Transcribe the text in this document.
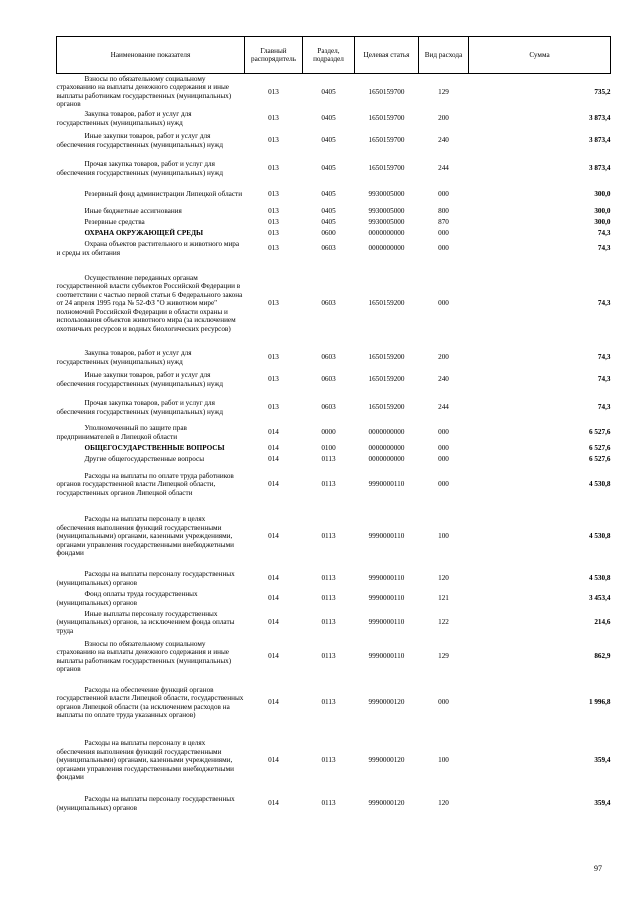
Наименование показателя	Главный распорядитель	Раздел, подраздел	Целевая статья	Вид расхода	Сумма

Взносы по обязательному социальному страхованию на выплаты денежного содержания и иные выплаты работникам государственных (муниципальных) органов	013	0405	1650159700	129	735,2

Закупка товаров, работ и услуг для государственных (муниципальных) нужд	013	0405	1650159700	200	3 873,4

Иные закупки товаров, работ и услуг для обеспечения государственных (муниципальных) нужд	013	0405	1650159700	240	3 873,4

Прочая закупка товаров, работ и услуг для обеспечения государственных (муниципальных) нужд	013	0405	1650159700	244	3 873,4

Резервный фонд администрации Липецкой области	013	0405	9930005000	000	300,0

Иные бюджетные ассигнования	013	0405	9930005000	800	300,0

Резервные средства	013	0405	9930005000	870	300,0

ОХРАНА ОКРУЖАЮЩЕЙ СРЕДЫ	013	0600	0000000000	000	74,3

Охрана объектов растительного и животного мира и среды их обитания	013	0603	0000000000	000	74,3

Осуществление переданных органам государственной власти субъектов Российской Федерации в соответствии с частью первой статьи 6 Федерального закона от 24 апреля 1995 года № 52-ФЗ "О животном мире" полномочий Российской Федерации в области охраны и использования объектов животного мира (за исключением охотничьих ресурсов и водных биологических ресурсов)	013	0603	1650159200	000	74,3

Закупка товаров, работ и услуг для государственных (муниципальных) нужд	013	0603	1650159200	200	74,3

Иные закупки товаров, работ и услуг для обеспечения государственных (муниципальных) нужд	013	0603	1650159200	240	74,3

Прочая закупка товаров, работ и услуг для обеспечения государственных (муниципальных) нужд	013	0603	1650159200	244	74,3

Уполномоченный по защите прав предпринимателей в Липецкой области	014	0000	0000000000	000	6 527,6

ОБЩЕГОСУДАРСТВЕННЫЕ ВОПРОСЫ	014	0100	0000000000	000	6 527,6

Другие общегосударственные вопросы	014	0113	0000000000	000	6 527,6

Расходы на выплаты по оплате труда работников органов государственной власти Липецкой области, государственных органов Липецкой области	014	0113	9990000110	000	4 530,8

Расходы на выплаты персоналу в целях обеспечения выполнения функций государственными (муниципальными) органами, казенными учреждениями, органами управления государственными внебюджетными фондами	014	0113	9990000110	100	4 530,8

Расходы на выплаты персоналу государственных (муниципальных) органов	014	0113	9990000110	120	4 530,8

Фонд оплаты труда государственных (муниципальных) органов	014	0113	9990000110	121	3 453,4

Иные выплаты персоналу государственных (муниципальных) органов, за исключением фонда оплаты труда	014	0113	9990000110	122	214,6

Взносы по обязательному социальному страхованию на выплаты денежного содержания и иные выплаты работникам государственных (муниципальных) органов	014	0113	9990000110	129	862,9

Расходы на обеспечение функций органов государственной власти Липецкой области, государственных органов Липецкой области (за исключением расходов на выплаты по оплате труда указанных органов)	014	0113	9990000120	000	1 996,8

Расходы на выплаты персоналу в целях обеспечения выполнения функций государственными (муниципальными) органами, казенными учреждениями, органами управления государственными внебюджетными фондами	014	0113	9990000120	100	359,4

Расходы на выплаты персоналу государственных (муниципальных) органов	014	0113	9990000120	120	359,4
97
